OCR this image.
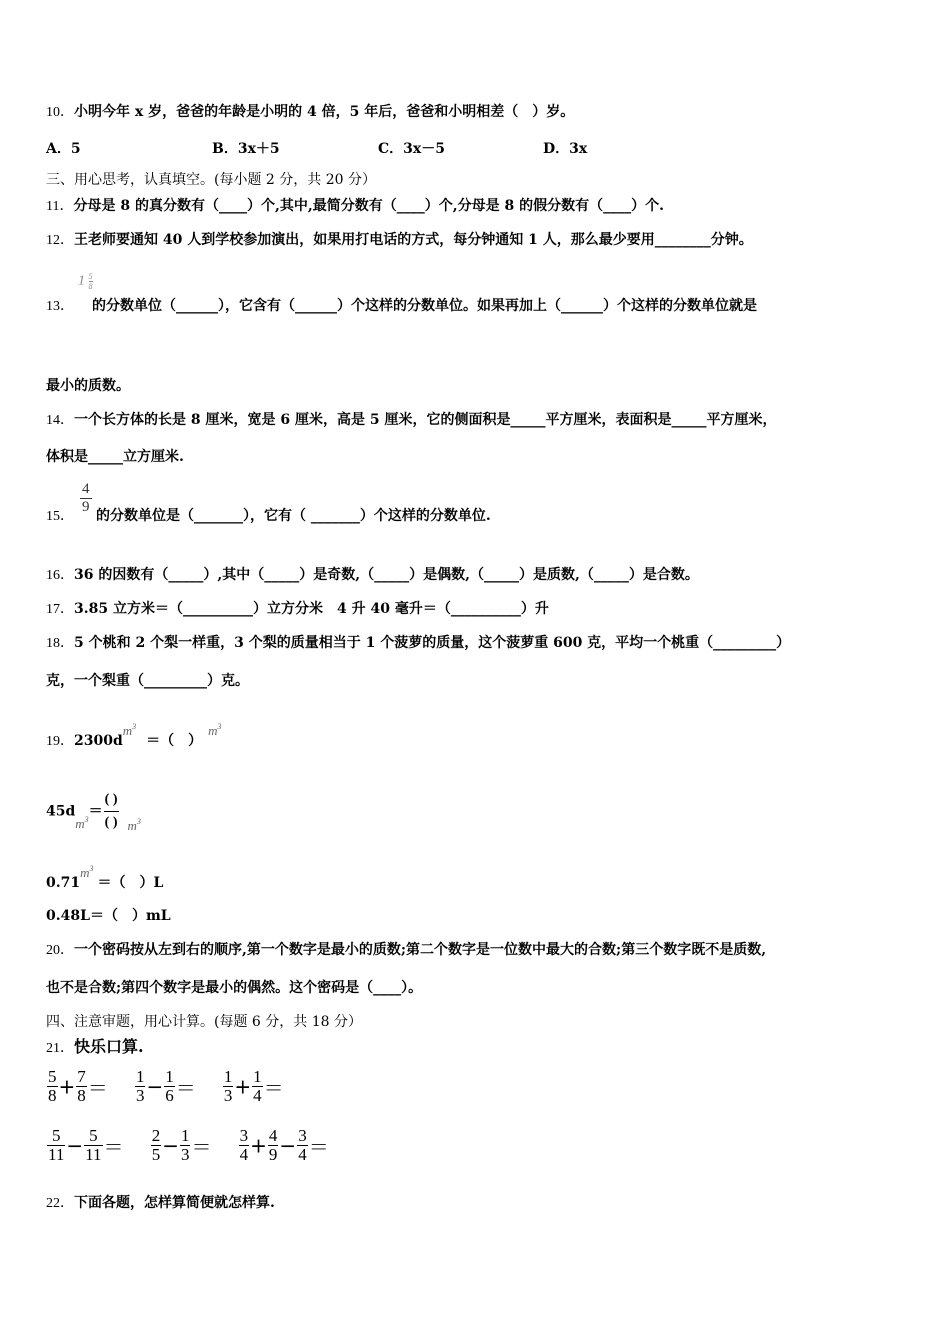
10．小明今年 x 岁，爸爸的年龄是小明的 4 倍，5 年后，爸爸和小明相差（　）岁。
A．5	B．3x＋5	C．3x－5	D．3x
三、用心思考，认真填空。(每小题 2 分，共 20 分）
11．分母是 8 的真分数有（____）个,其中,最简分数有（____）个,分母是 8 的假分数有（____）个.
12．王老师要通知 40 人到学校参加演出，如果用打电话的方式，每分钟通知 1 人，那么最少要用________分钟。
$1 \frac{5}{8}$
13． 的分数单位（______），它含有（______）个这样的分数单位。如果再加上（______）个这样的分数单位就是
最小的质数。
14．一个长方体的长是 8 厘米，宽是 6 厘米，高是 5 厘米，它的侧面积是_____平方厘米，表面积是_____平方厘米，
体积是_____立方厘米.
15． 的分数单位是（_______），它有（ _______）个这样的分数单位.
$\frac{4}{9}$
16．36 的因数有（_____）,其中（_____）是奇数,（_____）是偶数,（_____）是质数,（_____）是合数。
17．3.85 立方米＝（__________）立方分米　4 升 40 毫升＝（__________）升
18．5 个桃和 2 个梨一样重，3 个梨的质量相当于 1 个菠萝的质量，这个菠萝重 600 克，平均一个桃重（_________）
克，一个梨重（_________）克。
19．$2300dm^3=$（　）$m^3$
$45dm^3= \frac{( )}{( )} m^3$
$0.71m^3=$（　）L
0.48L＝（　）mL
20．一个密码按从左到右的顺序,第一个数字是最小的质数;第二个数字是一位数中最大的合数;第三个数字既不是质数,
也不是合数;第四个数字是最小的偶然。这个密码是（____）。
四、注意审题，用心计算。(每题 6 分，共 18 分）
21．快乐口算.
$\frac{5}{8} + \frac{7}{8} = \frac{1}{3} - \frac{1}{6} = \frac{1}{3} + \frac{1}{4}$ ＝
$\frac{5}{11} - \frac{5}{11} = \frac{2}{5} - \frac{1}{3} = \frac{3}{4} + \frac{4}{9} - \frac{3}{4}$ ＝
22．下面各题，怎样算简便就怎样算.
